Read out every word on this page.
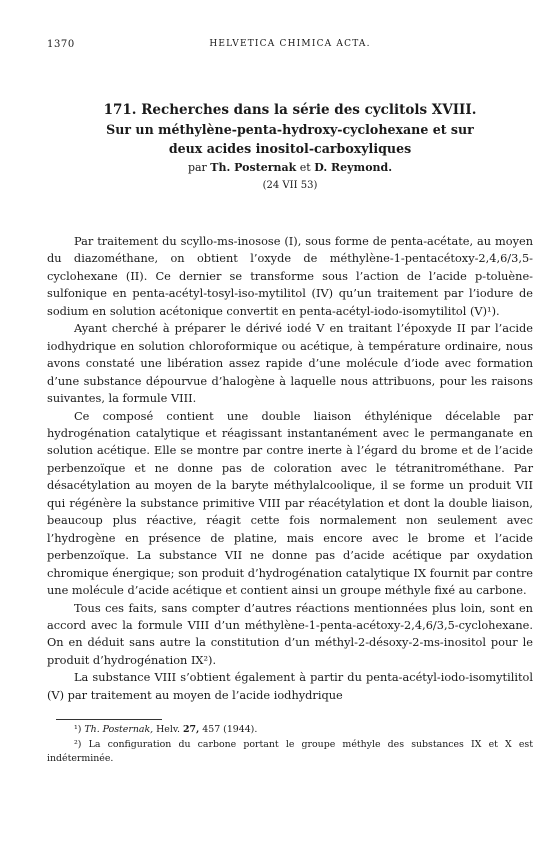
1370	HELVETICA CHIMICA ACTA.
171. Recherches dans la série des cyclitols XVIII.
Sur un méthylène-penta-hydroxy-cyclohexane et sur
deux acides inositol-carboxyliques
par Th. Posternak et D. Reymond.
(24 VII 53)

Par traitement du scyllo-ms-inosose (I), sous forme de penta-acétate, au moyen du diazométhane, on obtient l’oxyde de méthylène-1-pentacétoxy-2,4,6/3,5-cyclohexane (II). Ce dernier se transforme sous l’action de l’acide p-toluène-sulfonique en penta-acétyl-tosyl-iso-mytilitol (IV) qu’un traitement par l’iodure de sodium en solution acétonique convertit en penta-acétyl-iodo-isomytilitol (V)¹).

Ayant cherché à préparer le dérivé iodé V en traitant l’époxyde II par l’acide iodhydrique en solution chloroformique ou acétique, à température ordinaire, nous avons constaté une libération assez rapide d’une molécule d’iode avec formation d’une substance dépourvue d’halogène à laquelle nous attribuons, pour les raisons suivantes, la formule VIII.

Ce composé contient une double liaison éthylénique décelable par hydrogénation catalytique et réagissant instantanément avec le permanganate en solution acétique. Elle se montre par contre inerte à l’égard du brome et de l’acide perbenzoïque et ne donne pas de coloration avec le tétranitrométhane. Par désacétylation au moyen de la baryte méthylalcoolique, il se forme un produit VII qui régénère la substance primitive VIII par réacétylation et dont la double liaison, beaucoup plus réactive, réagit cette fois normalement non seulement avec l’hydrogène en présence de platine, mais encore avec le brome et l’acide perbenzoïque. La substance VII ne donne pas d’acide acétique par oxydation chromique énergique; son produit d’hydrogénation catalytique IX fournit par contre une molécule d’acide acétique et contient ainsi un groupe méthyle fixé au carbone.

Tous ces faits, sans compter d’autres réactions mentionnées plus loin, sont en accord avec la formule VIII d’un méthylène-1-penta-acétoxy-2,4,6/3,5-cyclohexane. On en déduit sans autre la constitution d’un méthyl-2-désoxy-2-ms-inositol pour le produit d’hydrogénation IX²).

La substance VIII s’obtient également à partir du penta-acétyl-iodo-isomytilitol (V) par traitement au moyen de l’acide iodhydrique

¹) Th. Posternak, Helv. 27, 457 (1944).

²) La configuration du carbone portant le groupe méthyle des substances IX et X est indéterminée.
